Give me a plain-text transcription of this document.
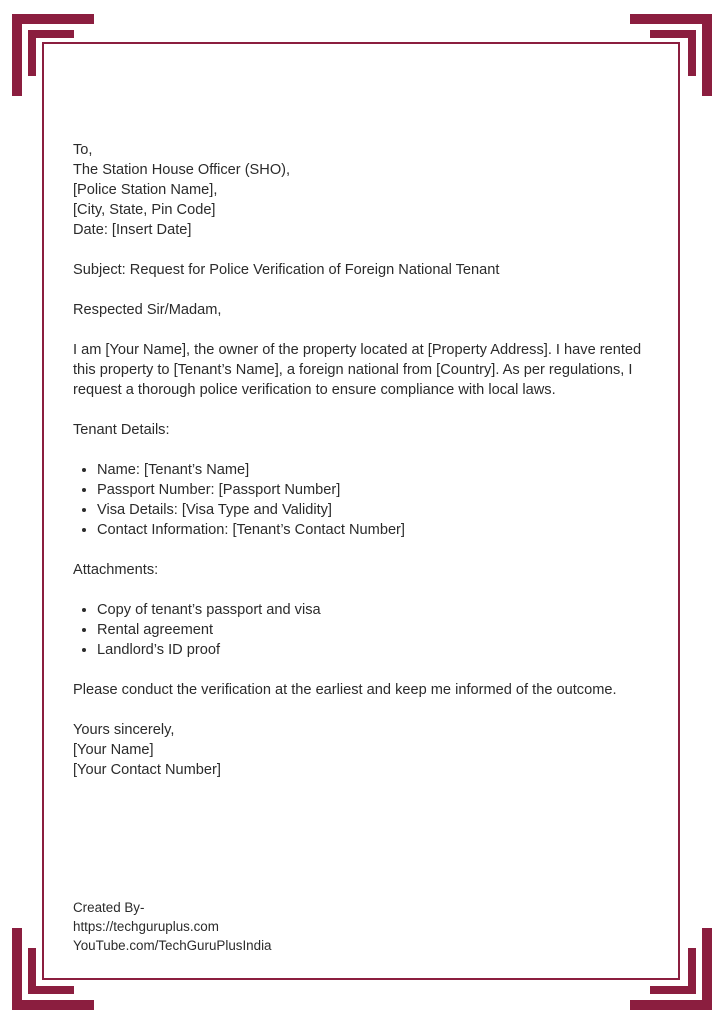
To,
The Station House Officer (SHO),
[Police Station Name],
[City, State, Pin Code]
Date: [Insert Date]

Subject: Request for Police Verification of Foreign National Tenant

Respected Sir/Madam,

I am [Your Name], the owner of the property located at [Property Address]. I have rented this property to [Tenant’s Name], a foreign national from [Country]. As per regulations, I request a thorough police verification to ensure compliance with local laws.

Tenant Details:

• Name: [Tenant’s Name]
• Passport Number: [Passport Number]
• Visa Details: [Visa Type and Validity]
• Contact Information: [Tenant’s Contact Number]

Attachments:

• Copy of tenant’s passport and visa
• Rental agreement
• Landlord’s ID proof

Please conduct the verification at the earliest and keep me informed of the outcome.

Yours sincerely,
[Your Name]
[Your Contact Number]
Created By-
https://techguruplus.com
YouTube.com/TechGuruPlusIndia
